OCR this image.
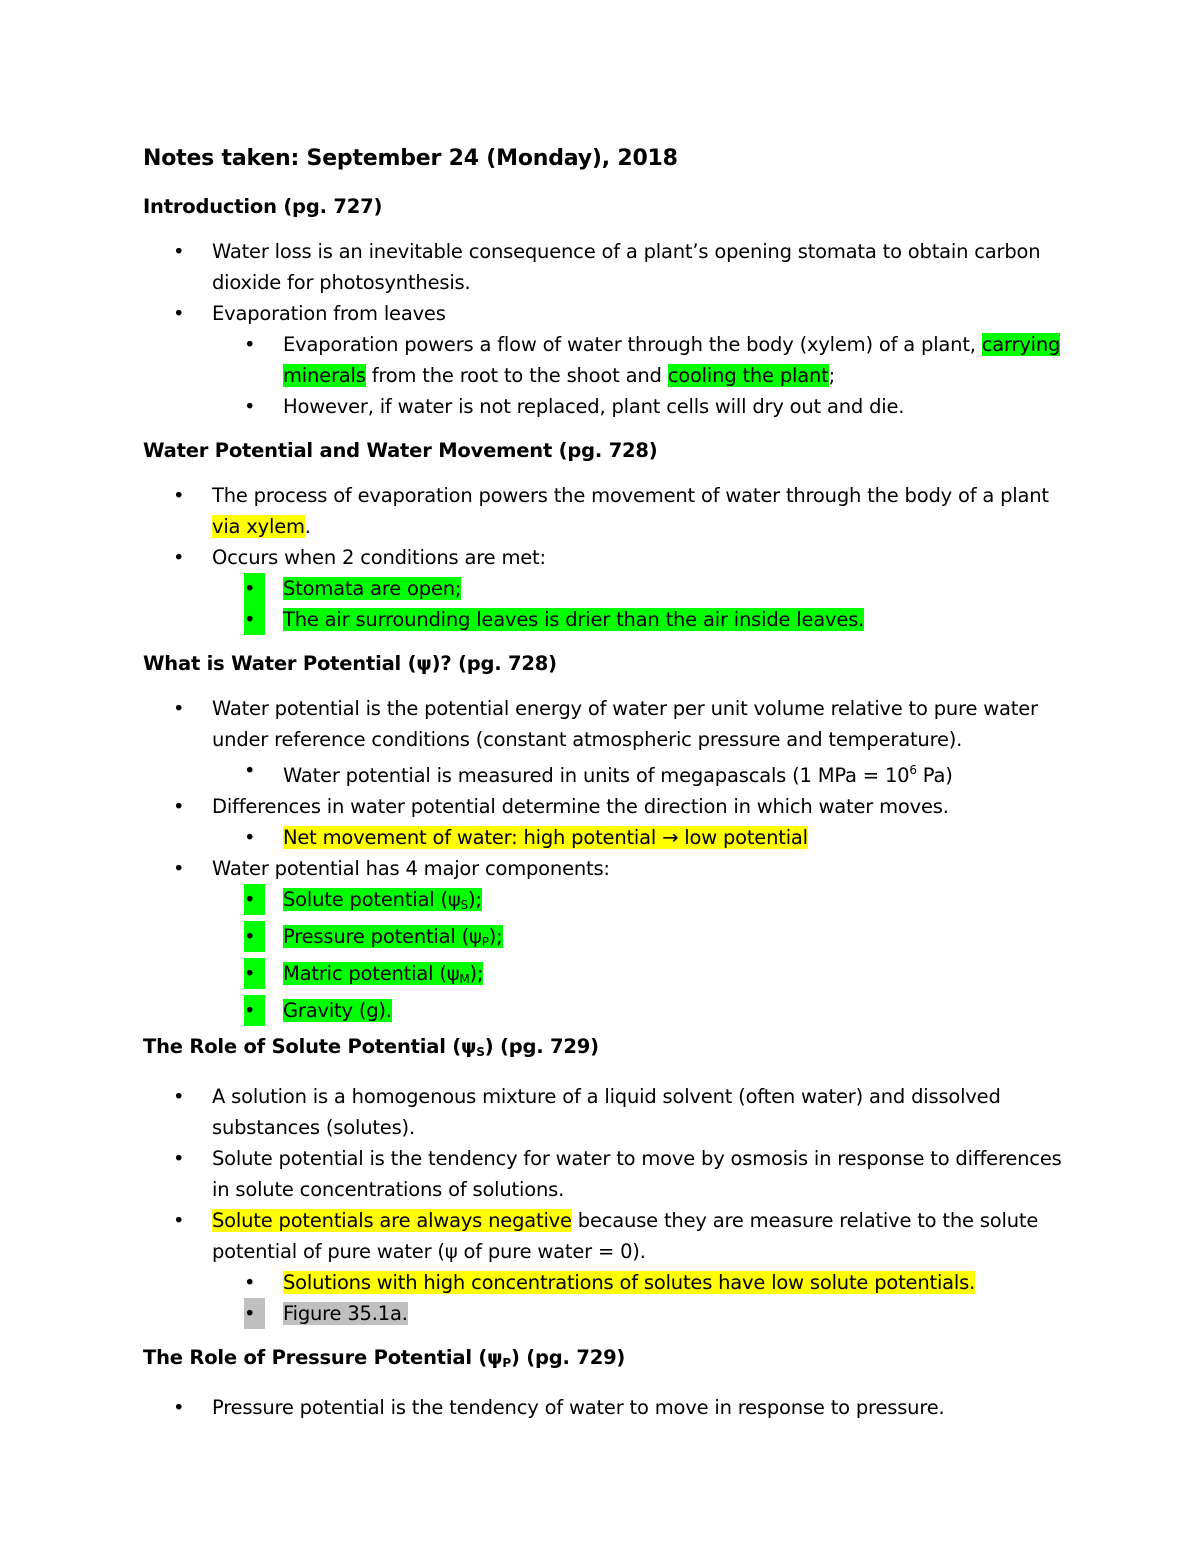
Notes taken: September 24 (Monday), 2018
Introduction (pg. 727)
• Water loss is an inevitable consequence of a plant’s opening stomata to obtain carbon dioxide for photosynthesis.
• Evaporation from leaves
• Evaporation powers a flow of water through the body (xylem) of a plant, carrying minerals from the root to the shoot and cooling the plant;
• However, if water is not replaced, plant cells will dry out and die.
Water Potential and Water Movement (pg. 728)
• The process of evaporation powers the movement of water through the body of a plant via xylem.
• Occurs when 2 conditions are met:
•	Stomata are open;
•	The air surrounding leaves is drier than the air inside leaves.
What is Water Potential (ψ)? (pg. 728)
• Water potential is the potential energy of water per unit volume relative to pure water under reference conditions (constant atmospheric pressure and temperature).
• Water potential is measured in units of megapascals (1 MPa = $10^6$ Pa)
• Differences in water potential determine the direction in which water moves.
• Net movement of water: high potential → low potential
• Water potential has 4 major components:
•	Solute potential $(\psi_S)$;
•	Pressure potential $(\psi_P)$;
•	Matric potential $(\psi_M)$;
•	Gravity (g).
The Role of Solute Potential $(\psi_S)$ (pg. 729)
• A solution is a homogenous mixture of a liquid solvent (often water) and dissolved substances (solutes).
• Solute potential is the tendency for water to move by osmosis in response to differences in solute concentrations of solutions.
• Solute potentials are always negative because they are measure relative to the solute potential of pure water (ψ of pure water = 0).
• Solutions with high concentrations of solutes have low solute potentials.
•	Figure 35.1a.
The Role of Pressure Potential $(\psi_P)$ (pg. 729)
• Pressure potential is the tendency of water to move in response to pressure.
